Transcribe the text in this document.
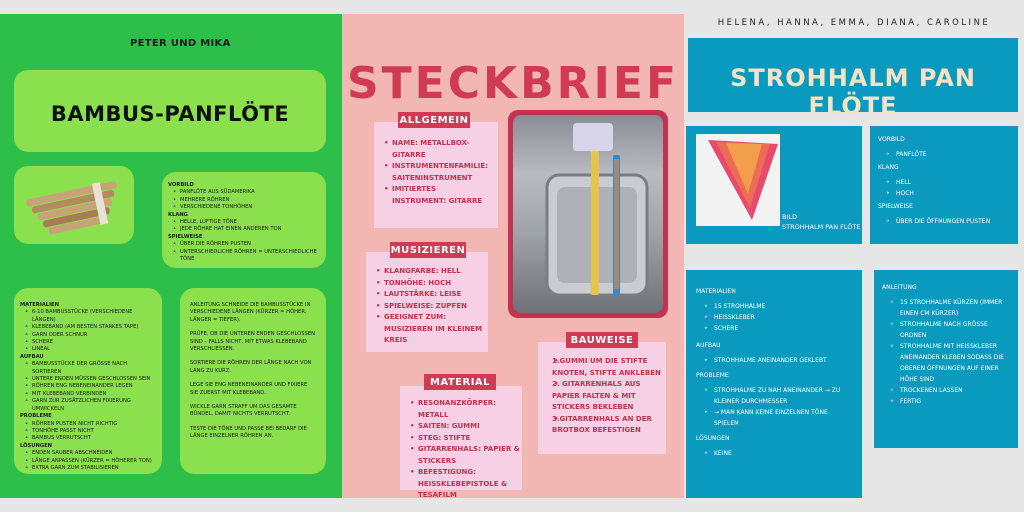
PETER UND MIKA
BAMBUS-PANFLÖTE
VORBILD
• PANFLÖTE AUS SÜDAMERIKA
• MEHRERE RÖHREN
• VERSCHIEDENE TONHÖHEN
KLANG
• HELLE, LUFTIGE TÖNE
• JEDE RÖHRE HAT EINEN ANDEREN TON
SPIELWEISE
• ÜBER DIE RÖHREN PUSTEN
• UNTERSCHIEDLICHE RÖHREN = UNTERSCHIEDLICHE TÖNE
MATERIALIEN
• 6-10 BAMBUSSTÜCKE (VERSCHIEDENE LÄNGEN)
• KLEBEBAND (AM BESTEN STARKES TAPE)
• GARN ODER SCHNUR
• SCHERE
• LINEAL
AUFBAU
• BAMBUSSTÜCKE DER GRÖSSE NACH SORTIEREN
• UNTERE ENDEN MÜSSEN GESCHLOSSEN SEIN
• RÖHREN ENG NEBENEINANDER LEGEN
• MIT KLEBEBAND VERBINDEN
• GARN ZUR ZUSÄTZLICHEN FIXIERUNG UMWICKELN
PROBLEME
• RÖHREN PUSTEN NICHT RICHTIG
• TONHÖHE PASST NICHT
• BAMBUS VERRUTSCHT
LÖSUNGEN
• ENDEN SAUBER ABSCHNEIDEN
• LÄNGE ANPASSEN (KÜRZER = HÖHERER TON)
• EXTRA GARN ZUM STABILISIEREN

ANLEITUNG SCHNEIDE DIE BAMBUSSTÜCKE IN VERSCHIEDENE LÄNGEN (KÜRZER = HÖHER, LÄNGER = TIEFER).

PRÜFE, OB DIE UNTEREN ENDEN GESCHLOSSEN SIND – FALLS NICHT, MIT ETWAS KLEBEBAND VERSCHLIESSEN.

SORTIERE DIE RÖHREN DER LÄNGE NACH VON LANG ZU KURZ.

LEGE SIE ENG NEBENEINANDER UND FIXIERE SIE ZUERST MIT KLEBEBAND.

WICKLE GARN STRAFF UM DAS GESAMTE BÜNDEL, DAMIT NICHTS VERRUTSCHT.

TESTE DIE TÖNE UND PASSE BEI BEDARF DIE LÄNGE EINZELNER RÖHREN AN.

STECKBRIEF
• NAME: METALLBOX-GITARRE
• INSTRUMENTENFAMILIE: SAITENINSTRUMENT
• IMITIERTES INSTRUMENT: GITARRE
ALLGEMEIN
• KLANGFARBE: HELL
• TONHÖHE: HOCH
• LAUTSTÄRKE: LEISE
• SPIELWEISE: ZUPFEN
• GEEIGNET ZUM: MUSIZIEREN IM KLEINEM KREIS
MUSIZIEREN
• RESONANZKÖRPER: METALL
• SAITEN: GUMMI
• STEG: STIFTE
• GITARRENHALS: PAPIER & STICKERS
• BEFESTIGUNG: HEISSKLEBEPISTOLE & TESAFILM
MATERIAL
• 1.GUMMI UM DIE STIFTE KNOTEN, STIFTE ANKLEBEN
• 2. GITARRENHALS AUS PAPIER FALTEN & MIT STICKERS BEKLEBEN
• 3.GITARRENHALS AN DER BROTBOX BEFESTIGEN
BAUWEISE
HELENA, HANNA, EMMA, DIANA, CAROLINE
STROHHALM PAN FLÖTE
BILD
STROHHALM PAN FLÖTE

VORBILD

• PANFLÖTE

KLANG

• HELL
• HOCH

SPIELWEISE

• ÜBER DIE ÖFFNUNGEN PUSTEN

MATERIALIEN

• 15 STROHHALME
• HEISSKLEBER
• SCHERE

AUFBAU

• STROHHALME ANEINANDER GEKLEBT

PROBLEME

• STROHHALME ZU NAH ANEINANDER → ZU KLEINER DURCHMESSER
• → MAN KANN KEINE EINZELNEN TÖNE SPIELEN

LÖSUNGEN

• KEINE

ANLEITUNG

• 15 STROHHALME KÜRZEN (IMMER EINEN CM KÜRZER)
• STROHHALME NACH GRÖSSE ORDNEN
• STROHHALME MIT HEISSKLEBER ANEINANDER KLEBEN SODASS DIE OBEREN ÖFFNUNGEN AUF EINER HÖHE SIND
• TROCKENEN LASSEN
• FERTIG
